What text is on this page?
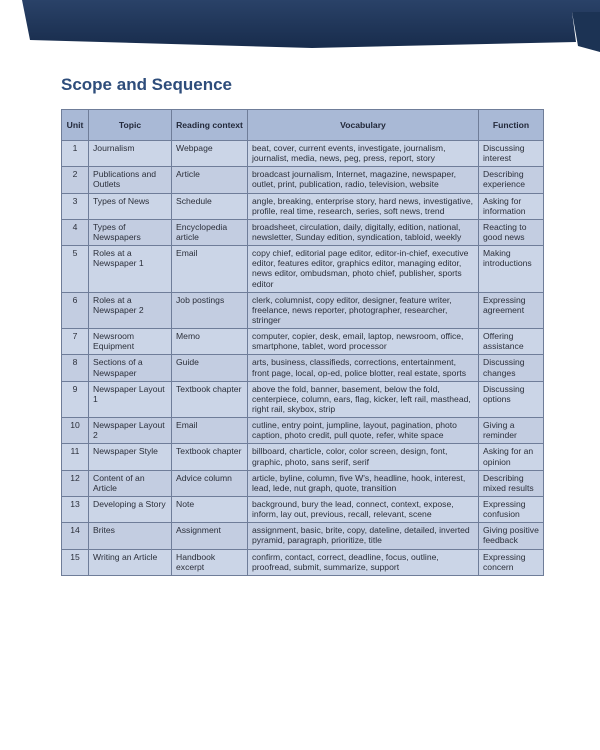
Scope and Sequence
Unit	Topic	Reading context	Vocabulary	Function
1	Journalism	Webpage	beat, cover, current events, investigate, journalism, journalist, media, news, peg, press, report, story	Discussing interest
2	Publications and Outlets	Article	broadcast journalism, Internet, magazine, newspaper, outlet, print, publication, radio, television, website	Describing experience
3	Types of News	Schedule	angle, breaking, enterprise story, hard news, investigative, profile, real time, research, series, soft news, trend	Asking for information
4	Types of Newspapers	Encyclopedia article	broadsheet, circulation, daily, digitally, edition, national, newsletter, Sunday edition, syndication, tabloid, weekly	Reacting to good news
5	Roles at a Newspaper 1	Email	copy chief, editorial page editor, editor-in-chief, executive editor, features editor, graphics editor, managing editor, news editor, ombudsman, photo chief, publisher, sports editor	Making introductions
6	Roles at a Newspaper 2	Job postings	clerk, columnist, copy editor, designer, feature writer, freelance, news reporter, photographer, researcher, stringer	Expressing agreement
7	Newsroom Equipment	Memo	computer, copier, desk, email, laptop, newsroom, office, smartphone, tablet, word processor	Offering assistance
8	Sections of a Newspaper	Guide	arts, business, classifieds, corrections, entertainment, front page, local, op-ed, police blotter, real estate, sports	Discussing changes
9	Newspaper Layout 1	Textbook chapter	above the fold, banner, basement, below the fold, centerpiece, column, ears, flag, kicker, left rail, masthead, right rail, skybox, strip	Discussing options
10	Newspaper Layout 2	Email	cutline, entry point, jumpline, layout, pagination, photo caption, photo credit, pull quote, refer, white space	Giving a reminder
11	Newspaper Style	Textbook chapter	billboard, charticle, color, color screen, design, font, graphic, photo, sans serif, serif	Asking for an opinion
12	Content of an Article	Advice column	article, byline, column, five W's, headline, hook, interest, lead, lede, nut graph, quote, transition	Describing mixed results
13	Developing a Story	Note	background, bury the lead, connect, context, expose, inform, lay out, previous, recall, relevant, scene	Expressing confusion
14	Brites	Assignment	assignment, basic, brite, copy, dateline, detailed, inverted pyramid, paragraph, prioritize, title	Giving positive feedback
15	Writing an Article	Handbook excerpt	confirm, contact, correct, deadline, focus, outline, proofread, submit, summarize, support	Expressing concern
